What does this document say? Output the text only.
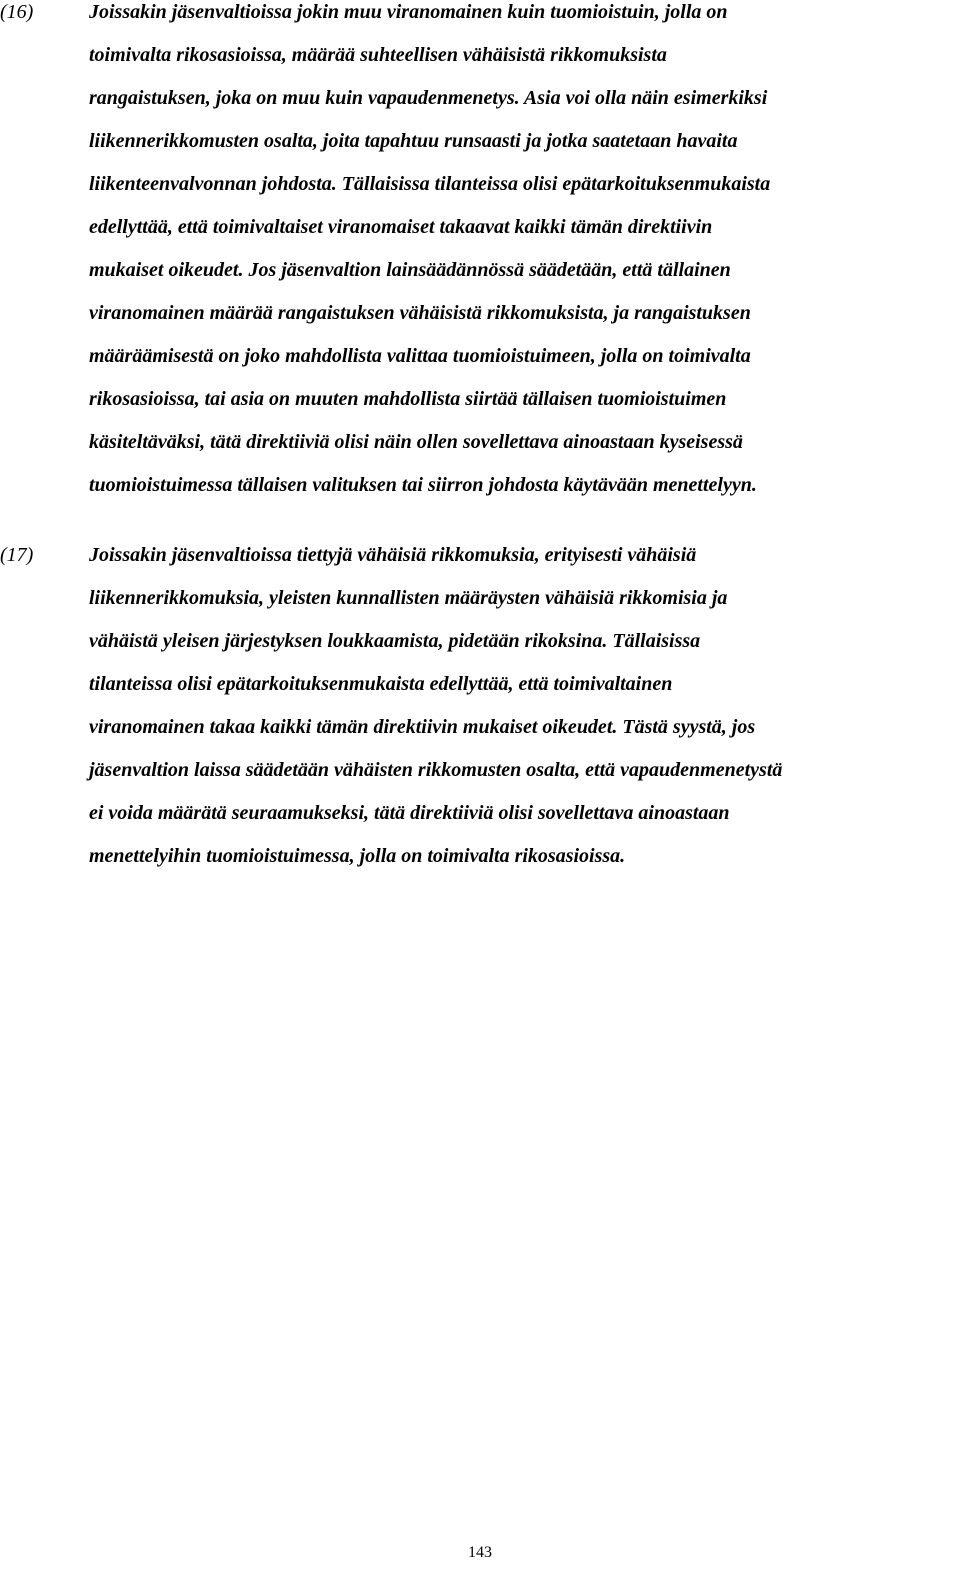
(16)	Joissakin jäsenvaltioissa jokin muu viranomainen kuin tuomioistuin, jolla on
toimivalta rikosasioissa, määrää suhteellisen vähäisistä rikkomuksista
rangaistuksen, joka on muu kuin vapaudenmenetys. Asia voi olla näin esimerkiksi
liikennerikkomusten osalta, joita tapahtuu runsaasti ja jotka saatetaan havaita
liikenteenvalvonnan johdosta. Tällaisissa tilanteissa olisi epätarkoituksenmukaista
edellyttää, että toimivaltaiset viranomaiset takaavat kaikki tämän direktiivin
mukaiset oikeudet. Jos jäsenvaltion lainsäädännössä säädetään, että tällainen
viranomainen määrää rangaistuksen vähäisistä rikkomuksista, ja rangaistuksen
määräämisestä on joko mahdollista valittaa tuomioistuimeen, jolla on toimivalta
rikosasioissa, tai asia on muuten mahdollista siirtää tällaisen tuomioistuimen
käsiteltäväksi, tätä direktiiviä olisi näin ollen sovellettava ainoastaan kyseisessä
tuomioistuimessa tällaisen valituksen tai siirron johdosta käytävään menettelyyn.
(17)	Joissakin jäsenvaltioissa tiettyjä vähäisiä rikkomuksia, erityisesti vähäisiä
liikennerikkomuksia, yleisten kunnallisten määräysten vähäisiä rikkomisia ja
vähäistä yleisen järjestyksen loukkaamista, pidetään rikoksina. Tällaisissa
tilanteissa olisi epätarkoituksenmukaista edellyttää, että toimivaltainen
viranomainen takaa kaikki tämän direktiivin mukaiset oikeudet. Tästä syystä, jos
jäsenvaltion laissa säädetään vähäisten rikkomusten osalta, että vapaudenmenetystä
ei voida määrätä seuraamukseksi, tätä direktiiviä olisi sovellettava ainoastaan
menettelyihin tuomioistuimessa, jolla on toimivalta rikosasioissa.
143
